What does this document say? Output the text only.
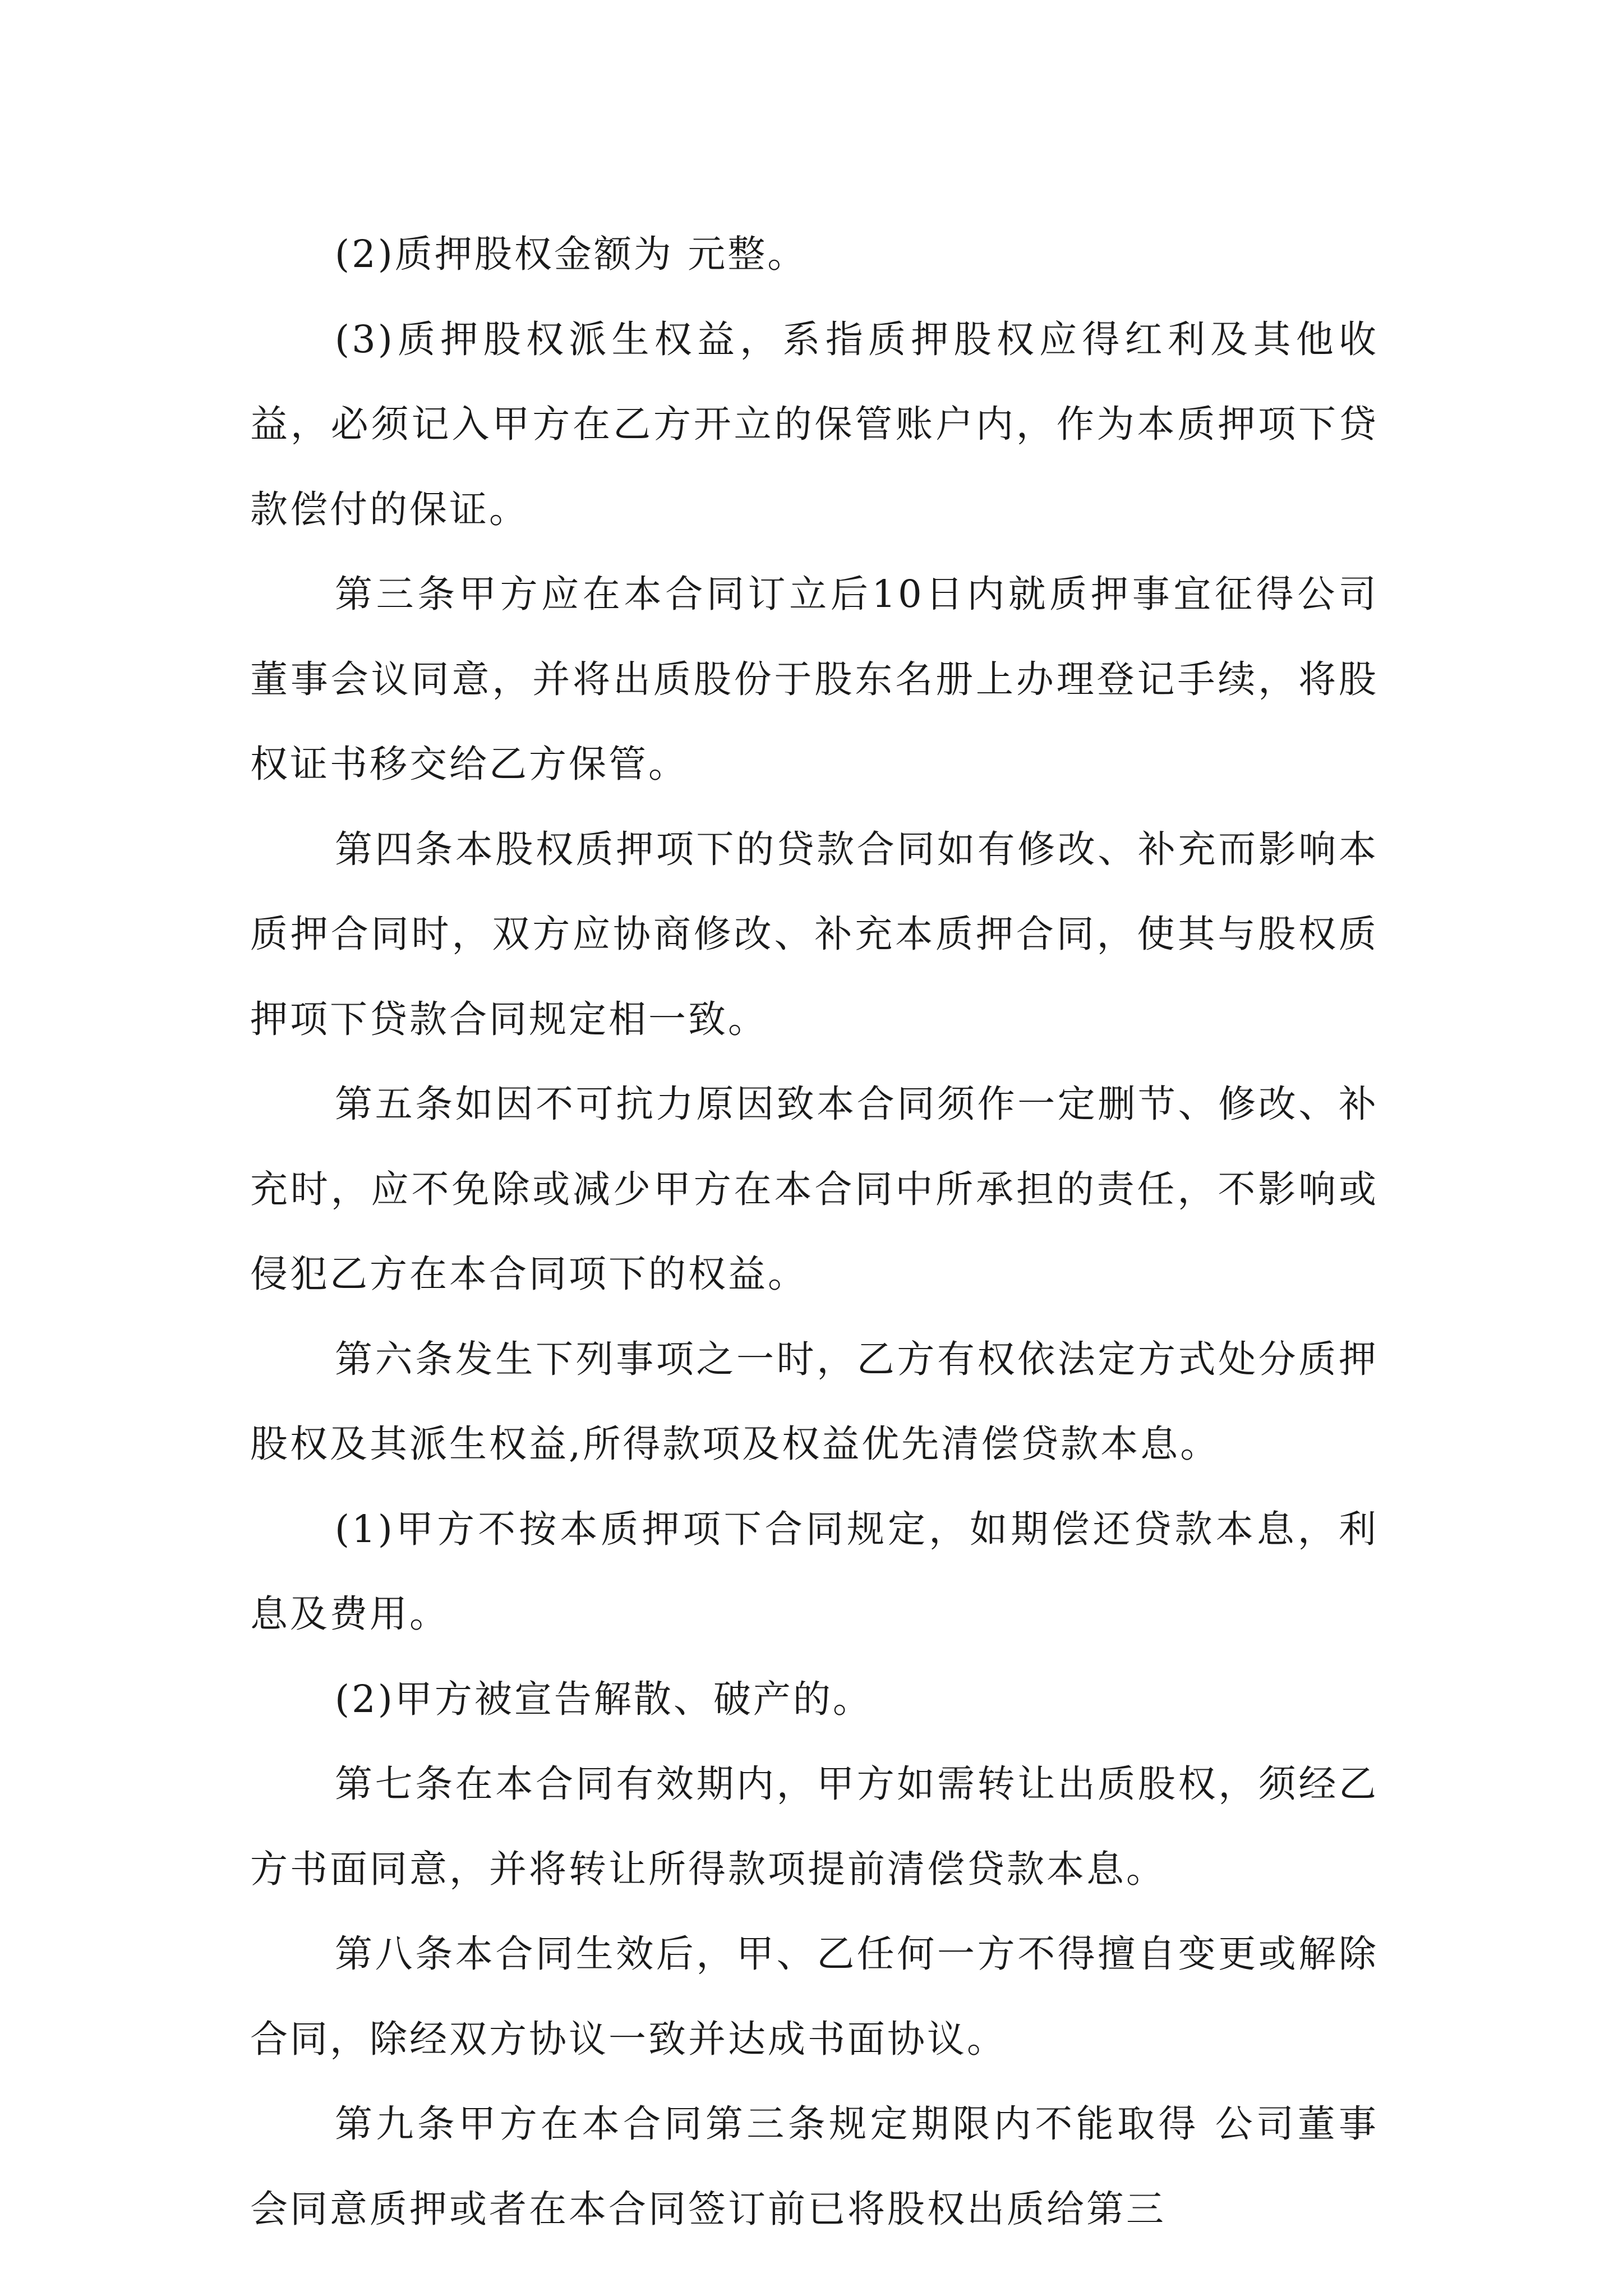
(2)质押股权金额为 元整。

(3)质押股权派生权益，系指质押股权应得红利及其他收益，必须记入甲方在乙方开立的保管账户内，作为本质押项下贷款偿付的保证。

第三条甲方应在本合同订立后10日内就质押事宜征得公司董事会议同意，并将出质股份于股东名册上办理登记手续，将股权证书移交给乙方保管。

第四条本股权质押项下的贷款合同如有修改、补充而影响本质押合同时，双方应协商修改、补充本质押合同，使其与股权质押项下贷款合同规定相一致。

第五条如因不可抗力原因致本合同须作一定删节、修改、补充时，应不免除或减少甲方在本合同中所承担的责任，不影响或侵犯乙方在本合同项下的权益。

第六条发生下列事项之一时，乙方有权依法定方式处分质押股权及其派生权益,所得款项及权益优先清偿贷款本息。

(1)甲方不按本质押项下合同规定，如期偿还贷款本息，利息及费用。

(2)甲方被宣告解散、破产的。

第七条在本合同有效期内，甲方如需转让出质股权，须经乙方书面同意，并将转让所得款项提前清偿贷款本息。

第八条本合同生效后，甲、乙任何一方不得擅自变更或解除合同，除经双方协议一致并达成书面协议。

第九条甲方在本合同第三条规定期限内不能取得 公司董事会同意质押或者在本合同签订前已将股权出质给第三
